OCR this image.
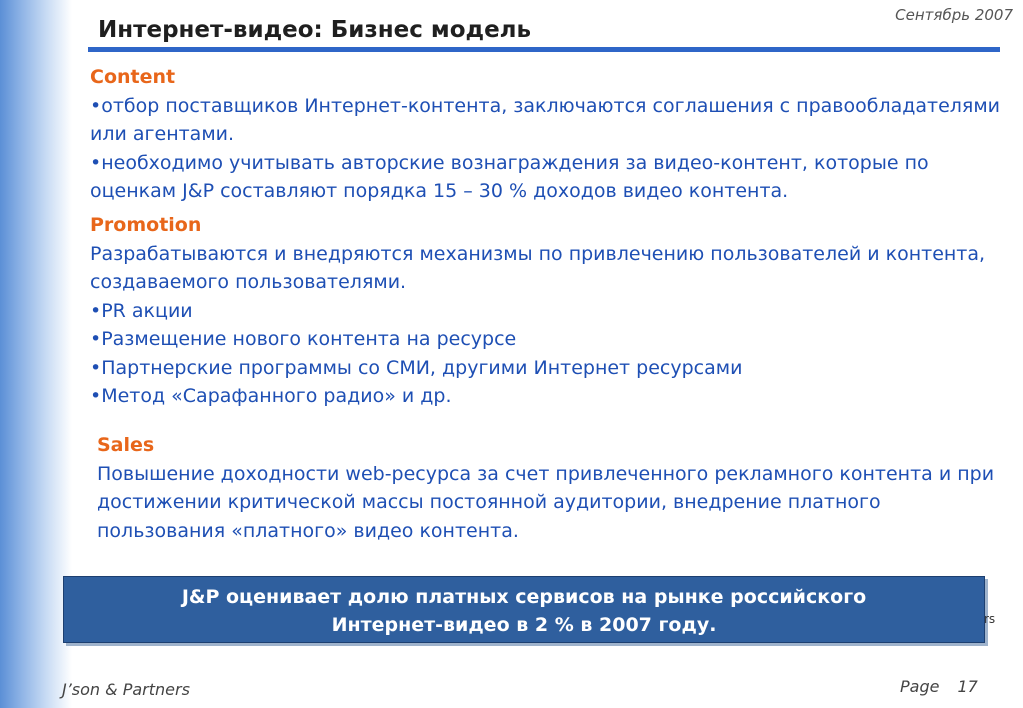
Сентябрь 2007
Интернет-видео: Бизнес модель
Content
•отбор поставщиков Интернет-контента, заключаются соглашения с правообладателями или агентами.
•необходимо учитывать авторские вознаграждения за видео-контент, которые по оценкам J&P составляют порядка 15 – 30 % доходов видео контента.
Promotion
Разрабатываются и внедряются механизмы по привлечению пользователей и контента, создаваемого пользователями.
•PR акции
•Размещение нового контента на ресурсе
•Партнерские программы со СМИ, другими Интернет ресурсами
•Метод «Сарафанного радио» и др.
Sales
Повышение доходности web-ресурса за счет привлеченного рекламного контента и при достижении критической массы постоянной аудитории, внедрение платного пользования «платного» видео контента.
J&P оценивает долю платных сервисов на рынке российского
Интернет-видео в 2 % в 2007 году.	rs
J’son & Partners	Page 17
